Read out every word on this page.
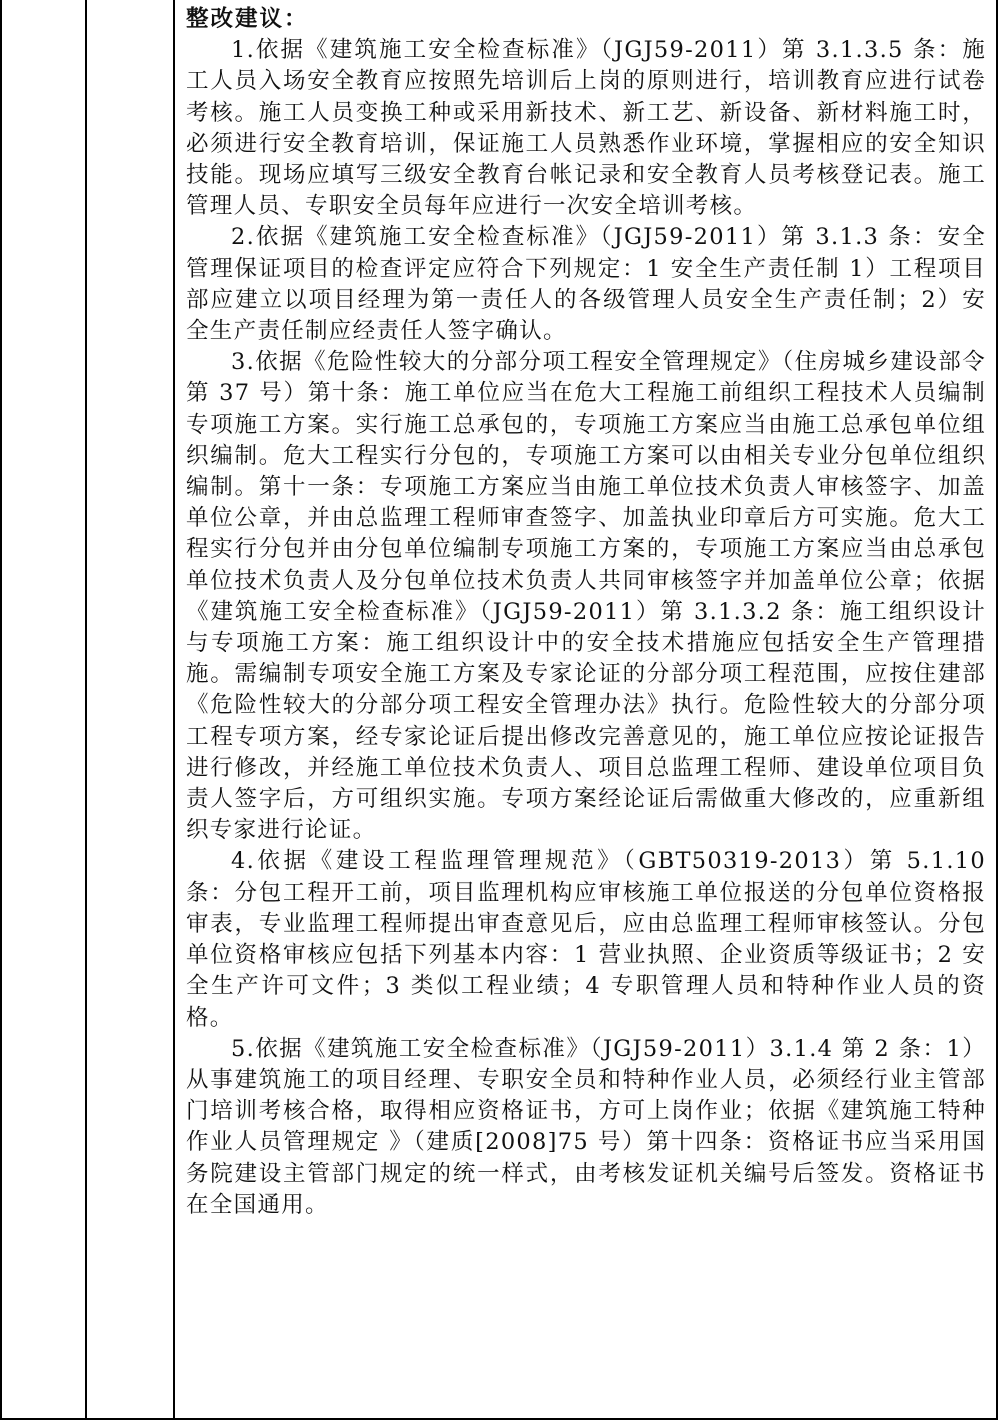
整改建议：

1.依据《建筑施工安全检查标准》（JGJ59-2011）第 3.1.3.5 条：施工人员入场安全教育应按照先培训后上岗的原则进行，培训教育应进行试卷考核。施工人员变换工种或采用新技术、新工艺、新设备、新材料施工时，必须进行安全教育培训，保证施工人员熟悉作业环境，掌握相应的安全知识技能。现场应填写三级安全教育台帐记录和安全教育人员考核登记表。施工管理人员、专职安全员每年应进行一次安全培训考核。

2.依据《建筑施工安全检查标准》（JGJ59-2011）第 3.1.3 条：安全管理保证项目的检查评定应符合下列规定：1 安全生产责任制 1）工程项目部应建立以项目经理为第一责任人的各级管理人员安全生产责任制；2）安全生产责任制应经责任人签字确认。

3.依据《危险性较大的分部分项工程安全管理规定》（住房城乡建设部令第 37 号）第十条：施工单位应当在危大工程施工前组织工程技术人员编制专项施工方案。实行施工总承包的，专项施工方案应当由施工总承包单位组织编制。危大工程实行分包的，专项施工方案可以由相关专业分包单位组织编制。第十一条：专项施工方案应当由施工单位技术负责人审核签字、加盖单位公章，并由总监理工程师审查签字、加盖执业印章后方可实施。危大工程实行分包并由分包单位编制专项施工方案的，专项施工方案应当由总承包单位技术负责人及分包单位技术负责人共同审核签字并加盖单位公章；依据《建筑施工安全检查标准》（JGJ59-2011）第 3.1.3.2 条：施工组织设计与专项施工方案：施工组织设计中的安全技术措施应包括安全生产管理措施。需编制专项安全施工方案及专家论证的分部分项工程范围，应按住建部《危险性较大的分部分项工程安全管理办法》执行。危险性较大的分部分项工程专项方案，经专家论证后提出修改完善意见的，施工单位应按论证报告进行修改，并经施工单位技术负责人、项目总监理工程师、建设单位项目负责人签字后，方可组织实施。专项方案经论证后需做重大修改的，应重新组织专家进行论证。

4.依据《建设工程监理管理规范》（GBT50319-2013）第 5.1.10 条：分包工程开工前，项目监理机构应审核施工单位报送的分包单位资格报审表，专业监理工程师提出审查意见后，应由总监理工程师审核签认。分包单位资格审核应包括下列基本内容：1 营业执照、企业资质等级证书；2 安全生产许可文件；3 类似工程业绩；4 专职管理人员和特种作业人员的资格。

5.依据《建筑施工安全检查标准》（JGJ59-2011）3.1.4 第 2 条：1）从事建筑施工的项目经理、专职安全员和特种作业人员，必须经行业主管部门培训考核合格，取得相应资格证书，方可上岗作业；依据《建筑施工特种作业人员管理规定 》（建质[2008]75 号）第十四条：资格证书应当采用国务院建设主管部门规定的统一样式，由考核发证机关编号后签发。资格证书在全国通用。
